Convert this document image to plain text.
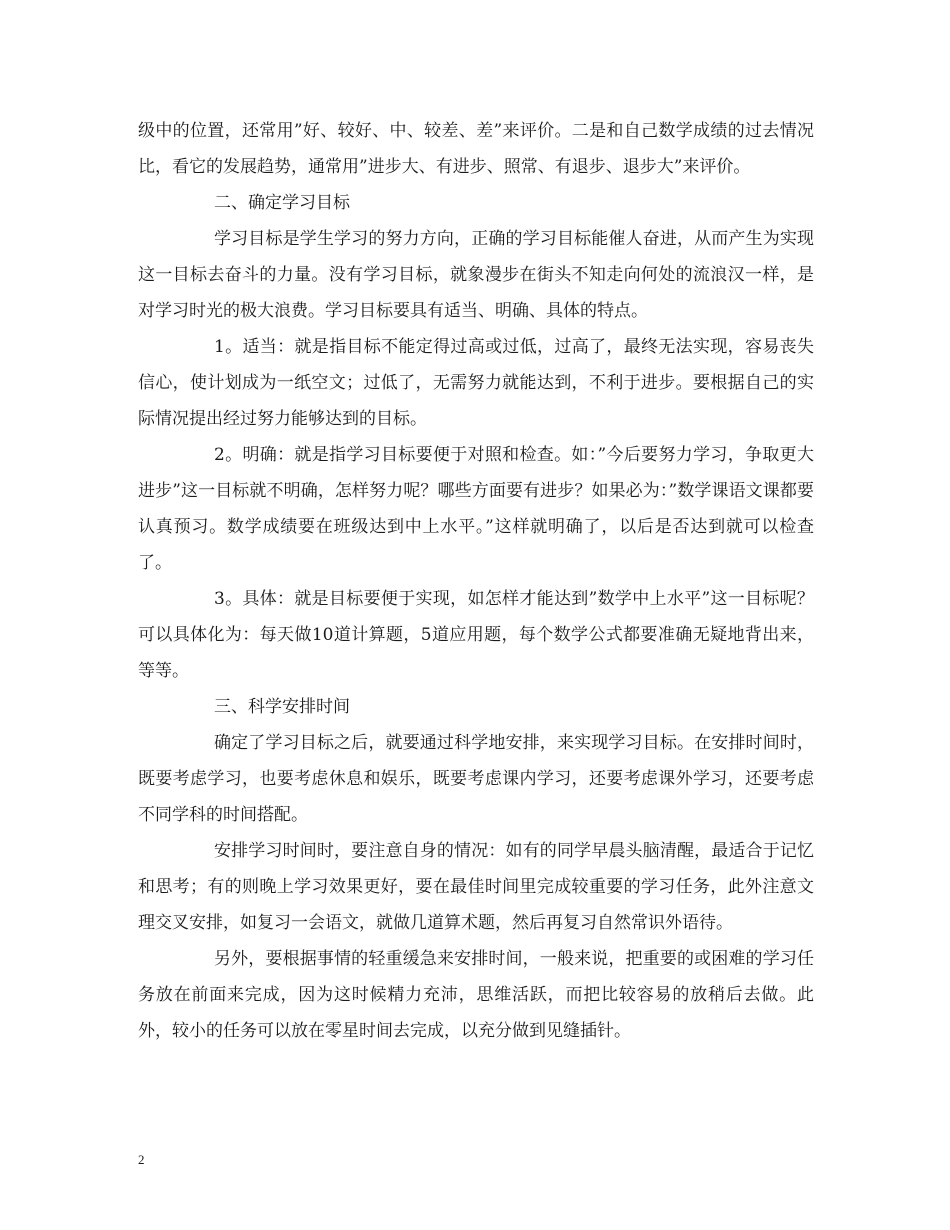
级中的位置，还常用”好、较好、中、较差、差”来评价。二是和自己数学成绩的过去情况比，看它的发展趋势，通常用”进步大、有进步、照常、有退步、退步大”来评价。

二、确定学习目标

学习目标是学生学习的努力方向，正确的学习目标能催人奋进，从而产生为实现这一目标去奋斗的力量。没有学习目标，就象漫步在街头不知走向何处的流浪汉一样，是对学习时光的极大浪费。学习目标要具有适当、明确、具体的特点。

1。适当：就是指目标不能定得过高或过低，过高了，最终无法实现，容易丧失信心，使计划成为一纸空文；过低了，无需努力就能达到，不利于进步。要根据自己的实际情况提出经过努力能够达到的目标。

2。明确：就是指学习目标要便于对照和检查。如：”今后要努力学习，争取更大进步”这一目标就不明确，怎样努力呢？哪些方面要有进步？如果必为：”数学课语文课都要认真预习。数学成绩要在班级达到中上水平。”这样就明确了，以后是否达到就可以检查了。

3。具体：就是目标要便于实现，如怎样才能达到”数学中上水平”这一目标呢？可以具体化为：每天做10道计算题，5道应用题，每个数学公式都要准确无疑地背出来，等等。

三、科学安排时间

确定了学习目标之后，就要通过科学地安排，来实现学习目标。在安排时间时，既要考虑学习，也要考虑休息和娱乐，既要考虑课内学习，还要考虑课外学习，还要考虑不同学科的时间搭配。

安排学习时间时，要注意自身的情况：如有的同学早晨头脑清醒，最适合于记忆和思考；有的则晚上学习效果更好，要在最佳时间里完成较重要的学习任务，此外注意文理交叉安排，如复习一会语文，就做几道算术题，然后再复习自然常识外语待。

另外，要根据事情的轻重缓急来安排时间，一般来说，把重要的或困难的学习任务放在前面来完成，因为这时候精力充沛，思维活跃，而把比较容易的放稍后去做。此外，较小的任务可以放在零星时间去完成，以充分做到见缝插针。

2
